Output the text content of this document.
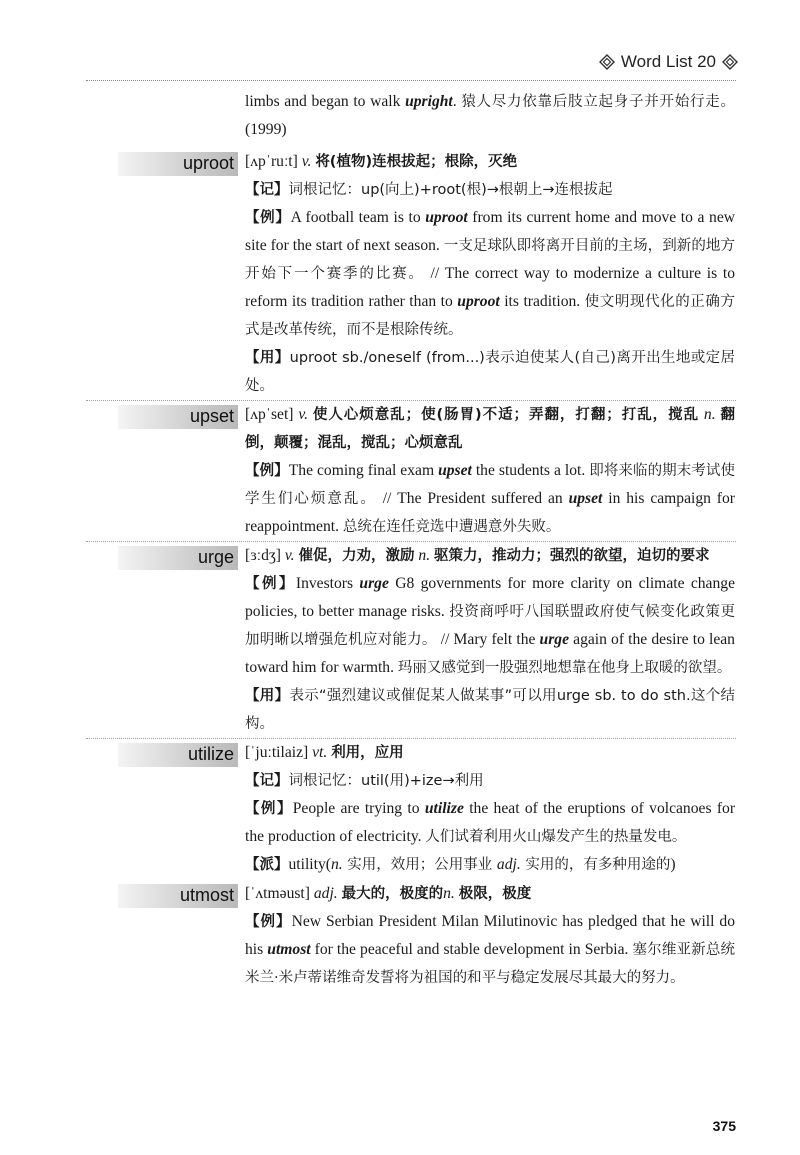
Word List 20

limbs and began to walk upright. 猿人尽力依靠后肢立起身子并开始行走。(1999)

uproot [ʌpˈruːt] v. 将(植物)连根拔起；根除，灭绝

【记】词根记忆：up(向上)+root(根)→根朝上→连根拔起

【例】A football team is to uproot from its current home and move to a new site for the start of next season. 一支足球队即将离开目前的主场，到新的地方开始下一个赛季的比赛。 // The correct way to modernize a culture is to reform its tradition rather than to uproot its tradition. 使文明现代化的正确方式是改革传统，而不是根除传统。

【用】uproot sb./oneself (from...)表示迫使某人(自己)离开出生地或定居处。

upset [ʌpˈset] v. 使人心烦意乱；使(肠胃)不适；弄翻，打翻；打乱，搅乱 n. 翻倒，颠覆；混乱，搅乱；心烦意乱

【例】The coming final exam upset the students a lot. 即将来临的期末考试使学生们心烦意乱。 // The President suffered an upset in his campaign for reappointment. 总统在连任竞选中遭遇意外失败。

urge [ɜːdʒ] v. 催促，力劝，激励 n. 驱策力，推动力；强烈的欲望，迫切的要求

【例】Investors urge G8 governments for more clarity on climate change policies, to better manage risks. 投资商呼吁八国联盟政府使气候变化政策更加明晰以增强危机应对能力。 // Mary felt the urge again of the desire to lean toward him for warmth. 玛丽又感觉到一股强烈地想靠在他身上取暖的欲望。

【用】表示“强烈建议或催促某人做某事”可以用urge sb. to do sth.这个结构。

utilize [ˈjuːtilaiz] vt. 利用，应用

【记】词根记忆：util(用)+ize→利用

【例】People are trying to utilize the heat of the eruptions of volcanoes for the production of electricity. 人们试着利用火山爆发产生的热量发电。

【派】utility(n. 实用，效用；公用事业 adj. 实用的，有多种用途的)

utmost [ˈʌtməust] adj. 最大的，极度的n. 极限，极度

【例】New Serbian President Milan Milutinovic has pledged that he will do his utmost for the peaceful and stable development in Serbia. 塞尔维亚新总统米兰·米卢蒂诺维奇发誓将为祖国的和平与稳定发展尽其最大的努力。

375
